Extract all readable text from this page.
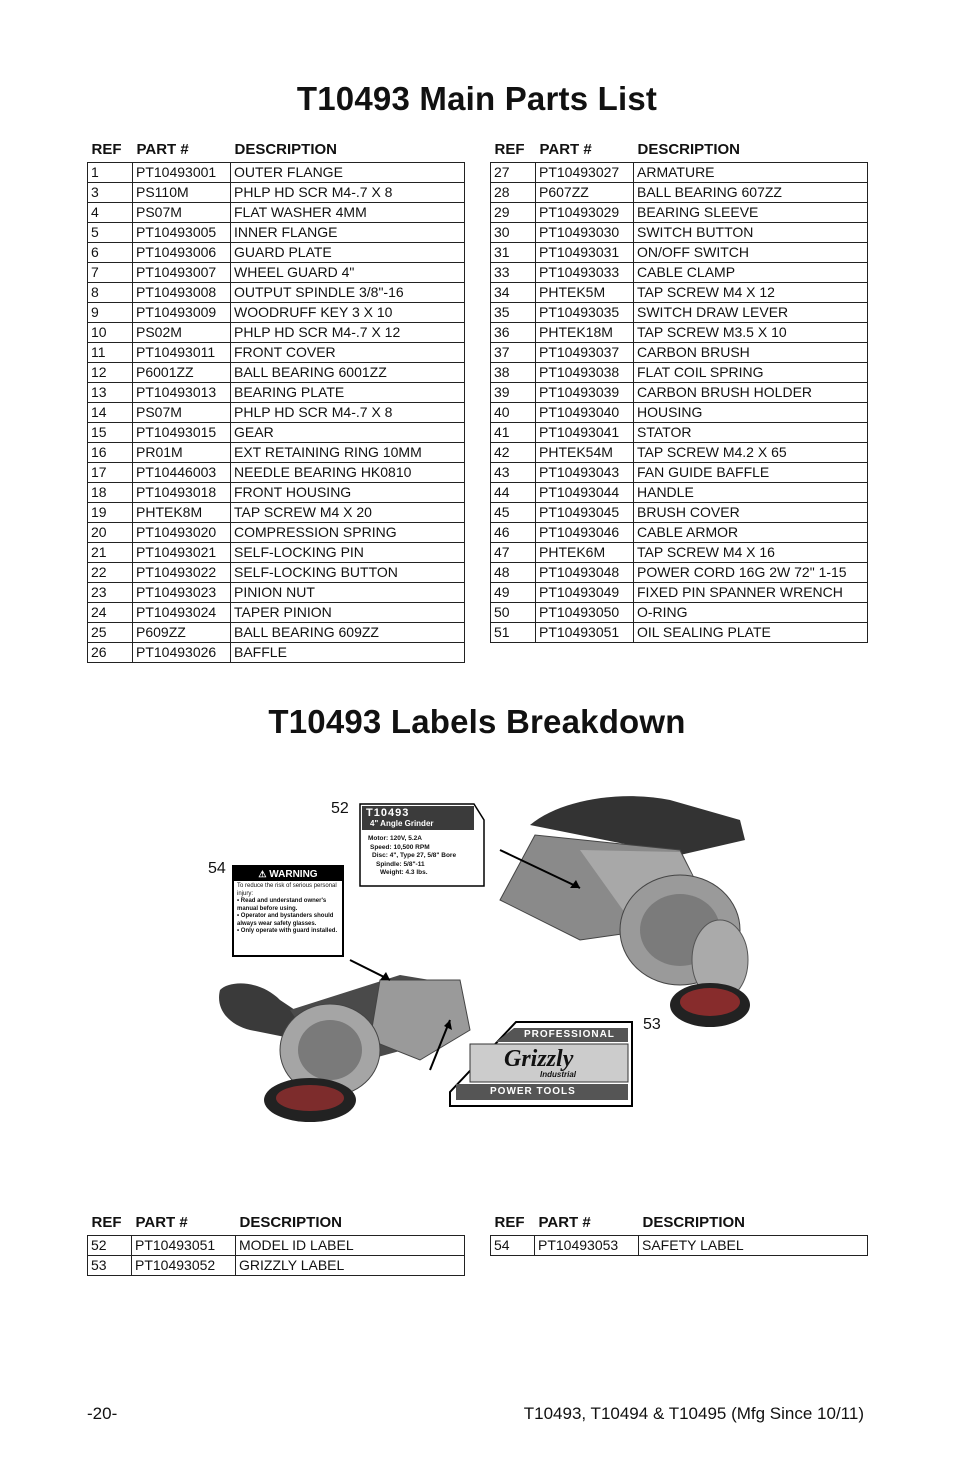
T10493 Main Parts List
REF	PART #	DESCRIPTION
1	PT10493001	OUTER FLANGE
3	PS110M	PHLP HD SCR M4-.7 X 8
4	PS07M	FLAT WASHER 4MM
5	PT10493005	INNER FLANGE
6	PT10493006	GUARD PLATE
7	PT10493007	WHEEL GUARD 4"
8	PT10493008	OUTPUT SPINDLE 3/8"-16
9	PT10493009	WOODRUFF KEY 3 X 10
10	PS02M	PHLP HD SCR M4-.7 X 12
11	PT10493011	FRONT COVER
12	P6001ZZ	BALL BEARING 6001ZZ
13	PT10493013	BEARING PLATE
14	PS07M	PHLP HD SCR M4-.7 X 8
15	PT10493015	GEAR
16	PR01M	EXT RETAINING RING 10MM
17	PT10446003	NEEDLE BEARING HK0810
18	PT10493018	FRONT HOUSING
19	PHTEK8M	TAP SCREW M4 X 20
20	PT10493020	COMPRESSION SPRING
21	PT10493021	SELF-LOCKING PIN
22	PT10493022	SELF-LOCKING BUTTON
23	PT10493023	PINION NUT
24	PT10493024	TAPER PINION
25	P609ZZ	BALL BEARING 609ZZ
26	PT10493026	BAFFLE
REF	PART #	DESCRIPTION
27	PT10493027	ARMATURE
28	P607ZZ	BALL BEARING 607ZZ
29	PT10493029	BEARING SLEEVE
30	PT10493030	SWITCH BUTTON
31	PT10493031	ON/OFF SWITCH
33	PT10493033	CABLE CLAMP
34	PHTEK5M	TAP SCREW M4 X 12
35	PT10493035	SWITCH DRAW LEVER
36	PHTEK18M	TAP SCREW M3.5 X 10
37	PT10493037	CARBON BRUSH
38	PT10493038	FLAT COIL SPRING
39	PT10493039	CARBON BRUSH HOLDER
40	PT10493040	HOUSING
41	PT10493041	STATOR
42	PHTEK54M	TAP SCREW M4.2 X 65
43	PT10493043	FAN GUIDE BAFFLE
44	PT10493044	HANDLE
45	PT10493045	BRUSH COVER
46	PT10493046	CABLE ARMOR
47	PHTEK6M	TAP SCREW M4 X 16
48	PT10493048	POWER CORD 16G 2W 72" 1-15
49	PT10493049	FIXED PIN SPANNER WRENCH
50	PT10493050	O-RING
51	PT10493051	OIL SEALING PLATE
T10493 Labels Breakdown
52
54
53
T10493
4" Angle Grinder
Motor: 120V, 5.2A
Speed: 10,500 RPM
Disc: 4", Type 27, 5/8" Bore
Spindle: 5/8"-11
Weight: 4.3 lbs.
⚠ WARNING
To reduce the risk of serious personal injury:
• Read and understand owner's manual before using.
• Operator and bystanders should always wear safety glasses.
• Only operate with guard installed.
PROFESSIONAL
Grizzly
Industrial
POWER TOOLS
REF	PART #	DESCRIPTION
52	PT10493051	MODEL ID LABEL
53	PT10493052	GRIZZLY LABEL
REF	PART #	DESCRIPTION
54	PT10493053	SAFETY LABEL
-20-	T10493, T10494 & T10495 (Mfg Since 10/11)
